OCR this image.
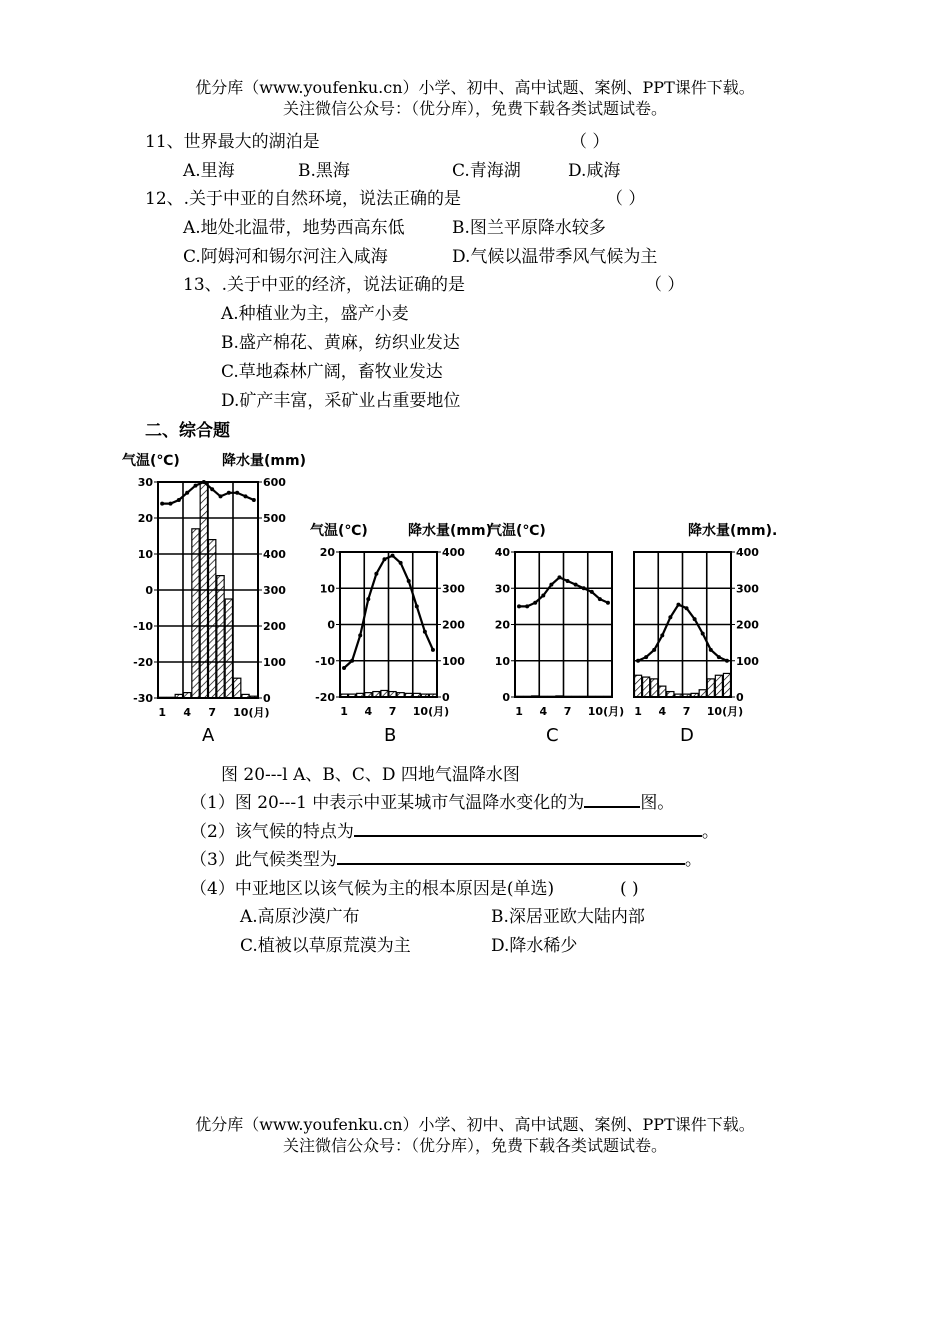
优分库（www.youfenku.cn）小学、初中、高中试题、案例、PPT课件下载。
关注微信公众号：（优分库），免费下载各类试题试卷。
11、世界最大的湖泊是	（ ）
A.里海	B.黑海	C.青海湖	D.咸海
12、.关于中亚的自然环境，说法正确的是	（ ）
A.地处北温带，地势西高东低	B.图兰平原降水较多
C.阿姆河和锡尔河注入咸海	D.气候以温带季风气候为主
13、.关于中亚的经济，说法证确的是	（ ）
A.种植业为主，盛产小麦
B.盛产棉花、黄麻，纺织业发达
C.草地森林广阔，畜牧业发达
D.矿产丰富，采矿业占重要地位
二、综合题
气温(℃)	降水量(mm)
气温(℃)	降水量(mm)
气温(℃)	降水量(mm).
A	B	C	D
30
20
10
0
-10
-20
-30
600
500
400
300
200
100
0
1 4 7 10(月)
20
10
0
-10
-20
400
300
200
100
0
1 4 7 10(月)
40
30
20
10
0
1 4 7 10(月)
400
300
200
100
0
1 4 7 10(月)
图 20---l A、B、C、D 四地气温降水图
（1）图 20---1 中表示中亚某城市气温降水变化的为	图。
（2）该气候的特点为	。
（3）此气候类型为	。
（4）中亚地区以该气候为主的根本原因是(单选)	( )
A.高原沙漠广布	B.深居亚欧大陆内部
C.植被以草原荒漠为主	D.降水稀少
优分库（www.youfenku.cn）小学、初中、高中试题、案例、PPT课件下载。
关注微信公众号：（优分库），免费下载各类试题试卷。
